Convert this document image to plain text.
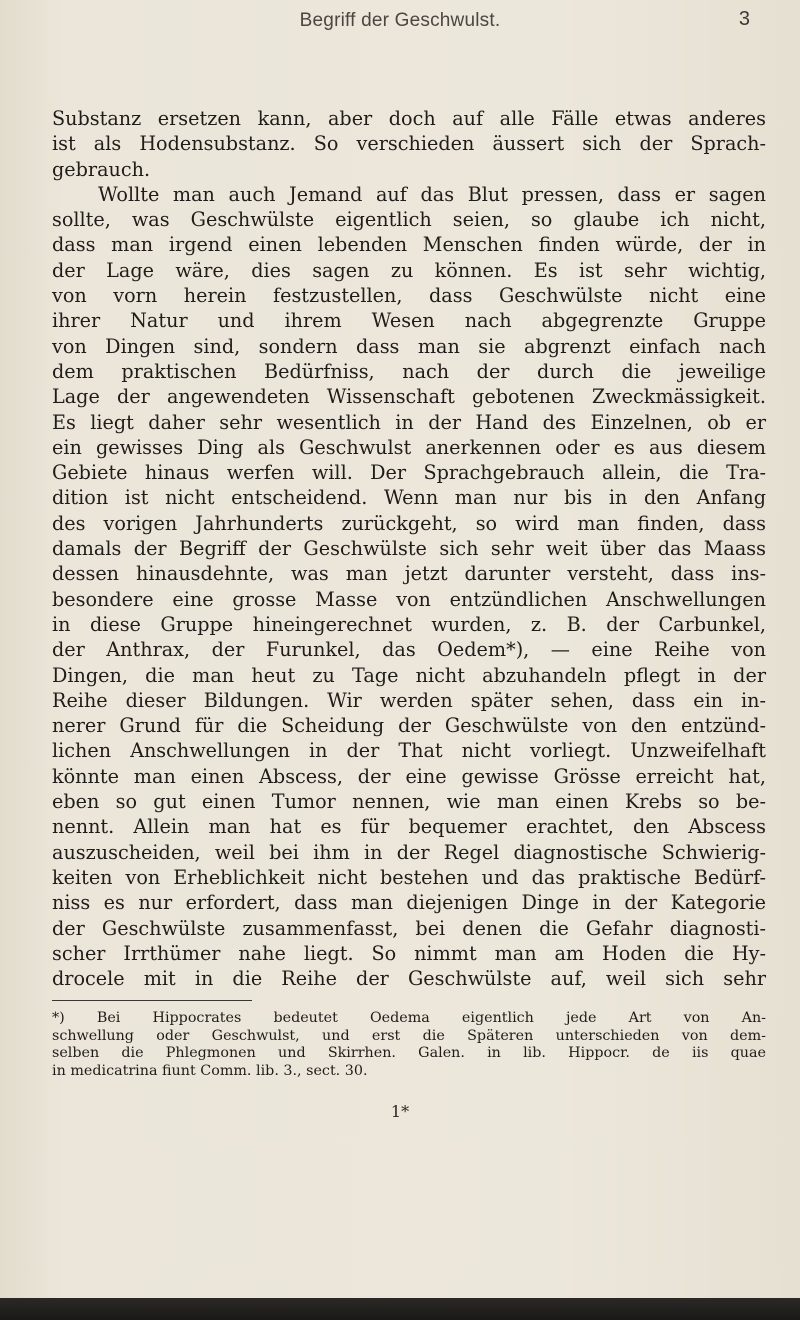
Begriff der Geschwulst.	3

Substanz ersetzen kann, aber doch auf alle Fälle etwas anderes
ist als Hodensubstanz. So verschieden äussert sich der Sprach-
gebrauch.

Wollte man auch Jemand auf das Blut pressen, dass er sagen
sollte, was Geschwülste eigentlich seien, so glaube ich nicht,
dass man irgend einen lebenden Menschen finden würde, der in
der Lage wäre, dies sagen zu können. Es ist sehr wichtig,
von vorn herein festzustellen, dass Geschwülste nicht eine
ihrer Natur und ihrem Wesen nach abgegrenzte Gruppe
von Dingen sind, sondern dass man sie abgrenzt einfach nach
dem praktischen Bedürfniss, nach der durch die jeweilige
Lage der angewendeten Wissenschaft gebotenen Zweckmässigkeit.
Es liegt daher sehr wesentlich in der Hand des Einzelnen, ob er
ein gewisses Ding als Geschwulst anerkennen oder es aus diesem
Gebiete hinaus werfen will. Der Sprachgebrauch allein, die Tra-
dition ist nicht entscheidend. Wenn man nur bis in den Anfang
des vorigen Jahrhunderts zurückgeht, so wird man finden, dass
damals der Begriff der Geschwülste sich sehr weit über das Maass
dessen hinausdehnte, was man jetzt darunter versteht, dass ins-
besondere eine grosse Masse von entzündlichen Anschwellungen
in diese Gruppe hineingerechnet wurden, z. B. der Carbunkel,
der Anthrax, der Furunkel, das Oedem*), — eine Reihe von
Dingen, die man heut zu Tage nicht abzuhandeln pflegt in der
Reihe dieser Bildungen. Wir werden später sehen, dass ein in-
nerer Grund für die Scheidung der Geschwülste von den entzünd-
lichen Anschwellungen in der That nicht vorliegt. Unzweifelhaft
könnte man einen Abscess, der eine gewisse Grösse erreicht hat,
eben so gut einen Tumor nennen, wie man einen Krebs so be-
nennt. Allein man hat es für bequemer erachtet, den Abscess
auszuscheiden, weil bei ihm in der Regel diagnostische Schwierig-
keiten von Erheblichkeit nicht bestehen und das praktische Bedürf-
niss es nur erfordert, dass man diejenigen Dinge in der Kategorie
der Geschwülste zusammenfasst, bei denen die Gefahr diagnosti-
scher Irrthümer nahe liegt. So nimmt man am Hoden die Hy-
drocele mit in die Reihe der Geschwülste auf, weil sich sehr

*) Bei Hippocrates bedeutet Oedema eigentlich jede Art von An-
schwellung oder Geschwulst, und erst die Späteren unterschieden von dem-
selben die Phlegmonen und Skirrhen. Galen. in lib. Hippocr. de iis quae
in medicatrina fiunt Comm. lib. 3., sect. 30.
1*
